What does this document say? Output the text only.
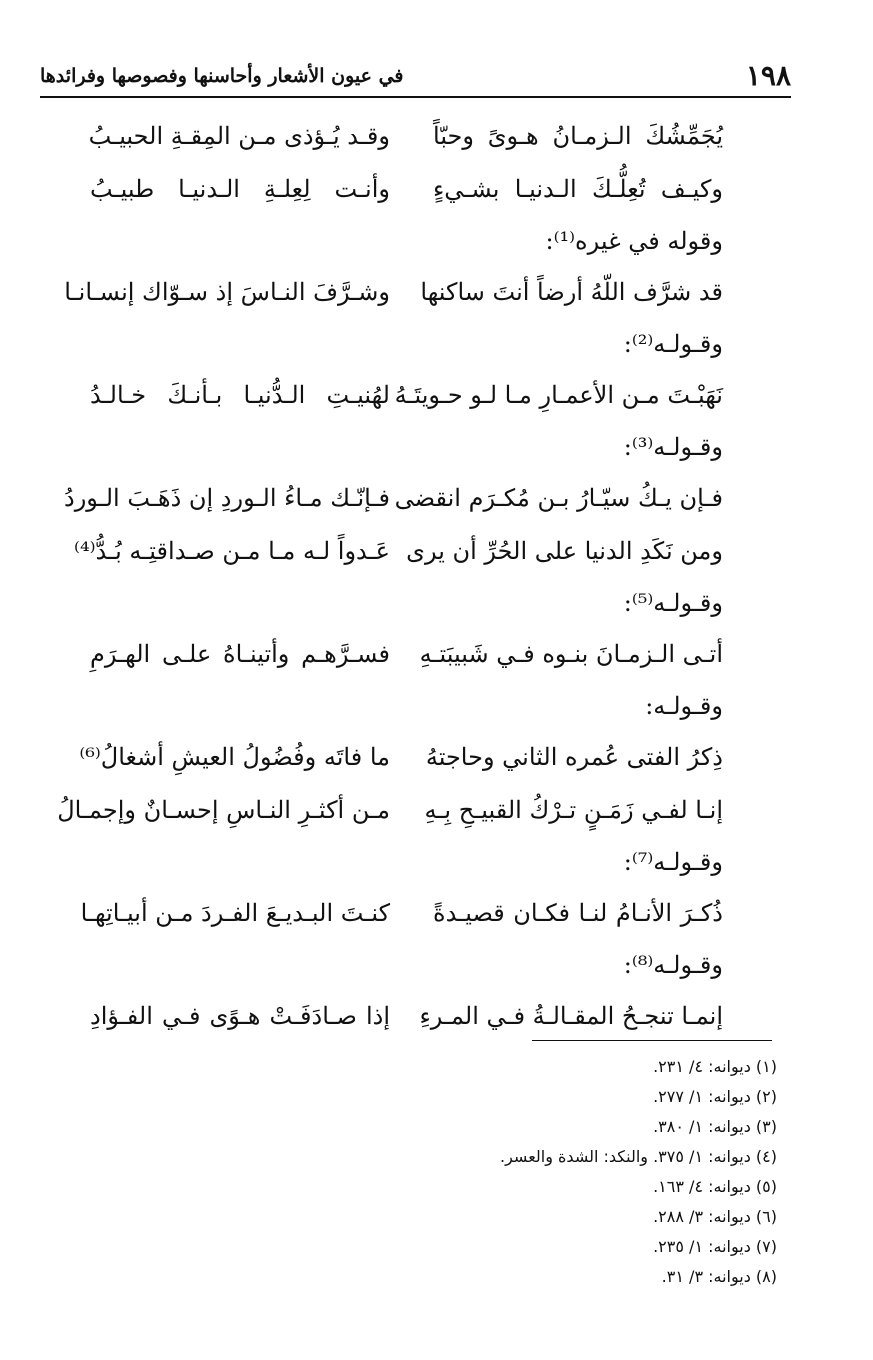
١٩٨
في عيون الأشعار وأحاسنها وفصوصها وفرائدها
يُجَمِّشُكَ الـزمـانُ هـوىً وحبّاً
وقـد يُـؤذى مـن المِقـةِ الحبيـبُ
وكيـف تُعِلُّـكَ الـدنيـا بشـيءٍ
وأنـت لِعِلـةِ الـدنيـا طبيـبُ
وقوله في غيره⁽¹⁾:
قد شرَّف اللّهُ أرضاً أنتَ ساكنها
وشـرَّفَ النـاسَ إذ سـوّاك إنسـانـا
وقـولـه⁽²⁾:
نَهَبْـتَ مـن الأعمـارِ مـا لـو حـويتَـهُ
لهُنيـتِ الـدُّنيـا بـأنـكَ خـالـدُ
وقـولـه⁽³⁾:
فـإن يـكُ سيّـارُ بـن مُكـرَم انقضى
فـإنّـك مـاءُ الـوردِ إن ذَهَـبَ الـوردُ
ومن نَكَدِ الدنيا على الحُرِّ أن يرى
عَـدواً لـه مـا مـن صـداقتِـه بُـدُّ⁽⁴⁾
وقـولـه⁽⁵⁾:
أتـى الـزمـانَ بنـوه فـي شَبيبَتـهِ
فسـرَّهـم وأتينـاهُ علـى الهـرَمِ
وقـولـه:
ذِكرُ الفتى عُمره الثاني وحاجتهُ
ما فاتَه وفُضُولُ العيشِ أشغالُ⁽⁶⁾
إنـا لفـي زَمَـنٍ تـرْكُ القبيـحِ بِـهِ
مـن أكثـرِ النـاسِ إحسـانٌ وإجمـالُ
وقـولـه⁽⁷⁾:
ذُكـرَ الأنـامُ لنـا فكـان قصيـدةً
كنـتَ البـديـعَ الفـردَ مـن أبيـاتِهـا
وقـولـه⁽⁸⁾:
إنمـا تنجـحُ المقـالـةُ فـي المـرءِ
إذا صـادَفَـتْ هـوًى فـي الفـؤادِ
(١) ديوانه: ٤/ ٢٣١.
(٢) ديوانه: ١/ ٢٧٧.
(٣) ديوانه: ١/ ٣٨٠.
(٤) ديوانه: ١/ ٣٧٥. والنكد: الشدة والعسر.
(٥) ديوانه: ٤/ ١٦٣.
(٦) ديوانه: ٣/ ٢٨٨.
(٧) ديوانه: ١/ ٢٣٥.
(٨) ديوانه: ٣/ ٣١.
